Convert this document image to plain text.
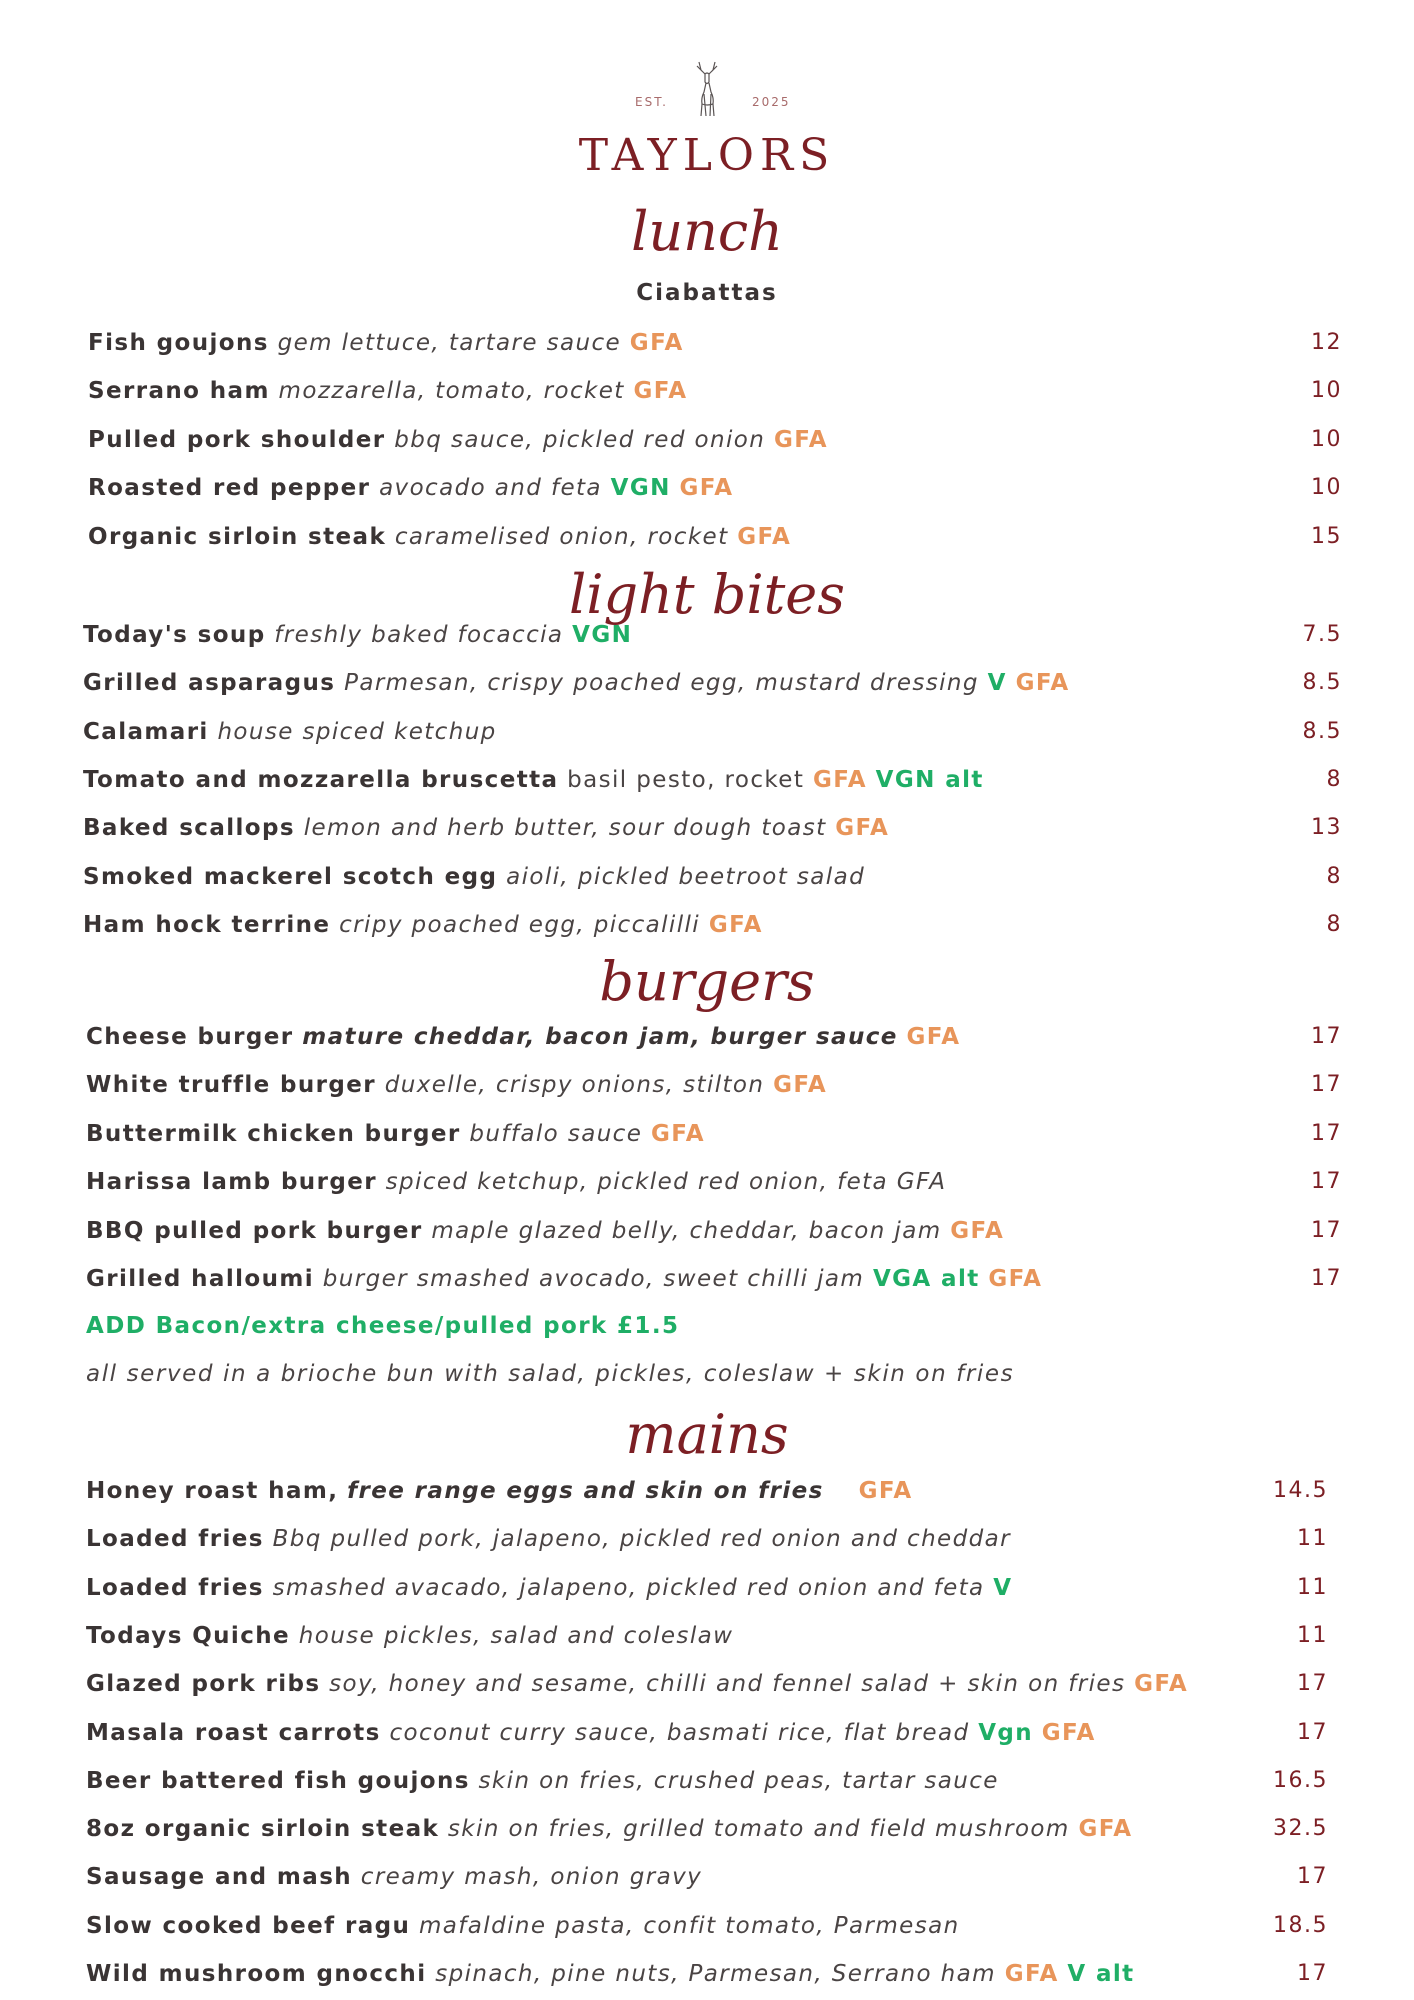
EST.	2025
TAYLORS
lunch
Ciabattas
Fish goujons gem lettuce, tartare sauce GFA	12
Serrano ham mozzarella, tomato, rocket GFA	10
Pulled pork shoulder bbq sauce, pickled red onion GFA	10
Roasted red pepper avocado and feta VGN GFA	10
Organic sirloin steak caramelised onion, rocket GFA	15
light bites
Today's soup freshly baked focaccia VGN	7.5
Grilled asparagus Parmesan, crispy poached egg, mustard dressing V GFA	8.5
Calamari house spiced ketchup	8.5
Tomato and mozzarella bruscetta basil pesto, rocket GFA VGN alt	8
Baked scallops lemon and herb butter, sour dough toast GFA	13
Smoked mackerel scotch egg aioli, pickled beetroot salad	8
Ham hock terrine cripy poached egg, piccalilli GFA	8
burgers
Cheese burger mature cheddar, bacon jam, burger sauce GFA	17
White truffle burger duxelle, crispy onions, stilton GFA	17
Buttermilk chicken burger buffalo sauce GFA	17
Harissa lamb burger spiced ketchup, pickled red onion, feta GFA	17
BBQ pulled pork burger maple glazed belly, cheddar, bacon jam GFA	17
Grilled halloumi burger smashed avocado, sweet chilli jam VGA alt GFA	17
ADD Bacon/extra cheese/pulled pork £1.5
all served in a brioche bun with salad, pickles, coleslaw + skin on fries
mains
Honey roast ham, free range eggs and skin on fries GFA	14.5
Loaded fries Bbq pulled pork, jalapeno, pickled red onion and cheddar	11
Loaded fries smashed avacado, jalapeno, pickled red onion and feta V	11
Todays Quiche house pickles, salad and coleslaw	11
Glazed pork ribs soy, honey and sesame, chilli and fennel salad + skin on fries GFA	17
Masala roast carrots coconut curry sauce, basmati rice, flat bread Vgn GFA	17
Beer battered fish goujons skin on fries, crushed peas, tartar sauce	16.5
8oz organic sirloin steak skin on fries, grilled tomato and field mushroom GFA	32.5
Sausage and mash creamy mash, onion gravy	17
Slow cooked beef ragu mafaldine pasta, confit tomato, Parmesan	18.5
Wild mushroom gnocchi spinach, pine nuts, Parmesan, Serrano ham GFA V alt	17
